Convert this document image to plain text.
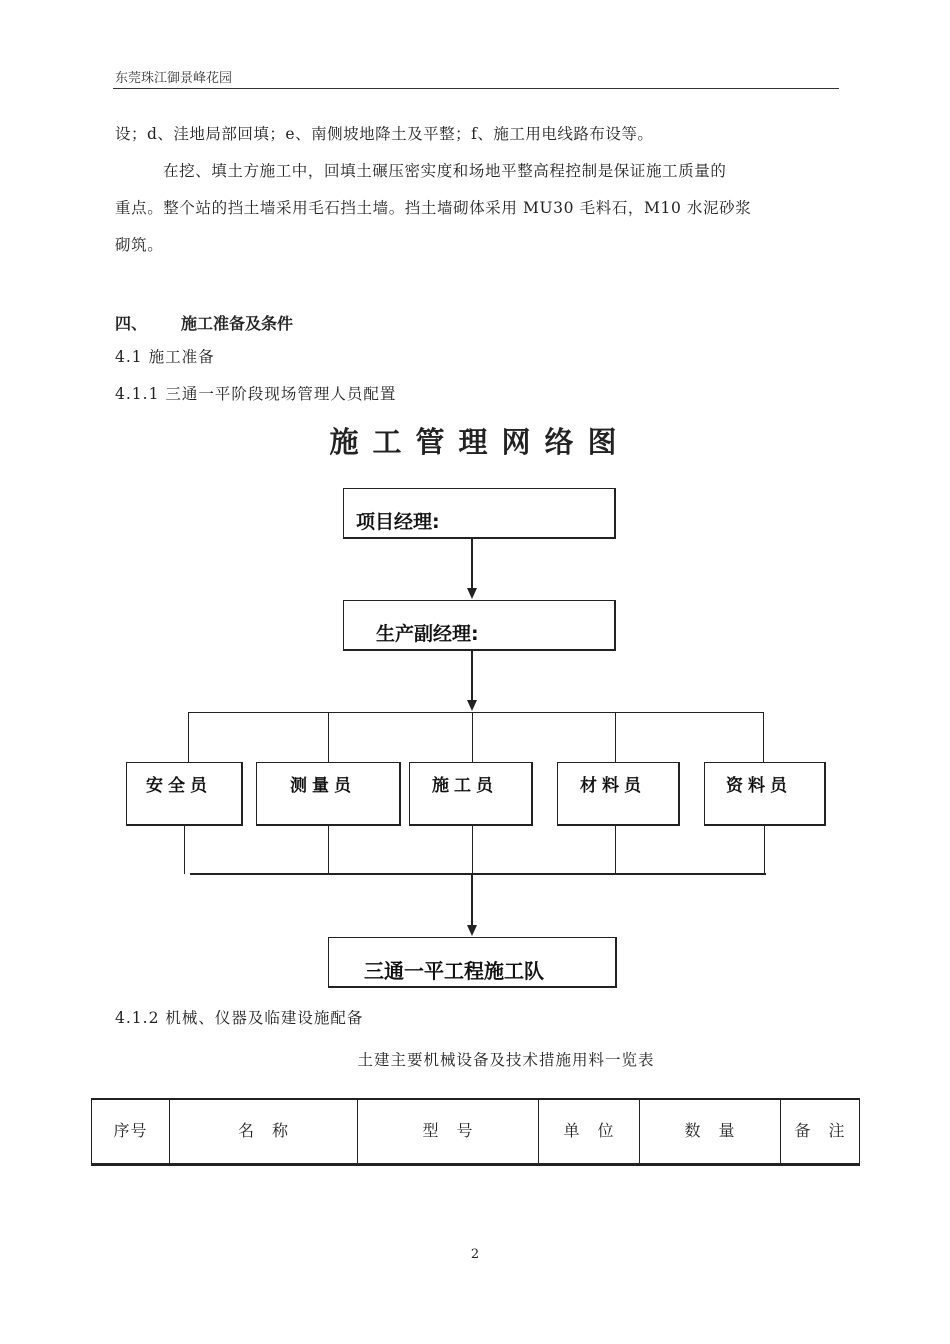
东莞珠江御景峰花园
设；d、洼地局部回填；e、南侧坡地降土及平整；f、施工用电线路布设等。
在挖、填土方施工中，回填土碾压密实度和场地平整高程控制是保证施工质量的
重点。整个站的挡土墙采用毛石挡土墙。挡土墙砌体采用 MU30 毛料石，M10 水泥砂浆
砌筑。
四、 施工准备及条件
4.1 施工准备
4.1.1 三通一平阶段现场管理人员配置
施工管理网络图
项目经理:
生产副经理:
安全员	测量员	施工员	材料员	资料员
三通一平工程施工队
4.1.2 机械、仪器及临建设施配备
土建主要机械设备及技术措施用料一览表
序号	名　称	型　号	单　位	数　量	备　注
2
